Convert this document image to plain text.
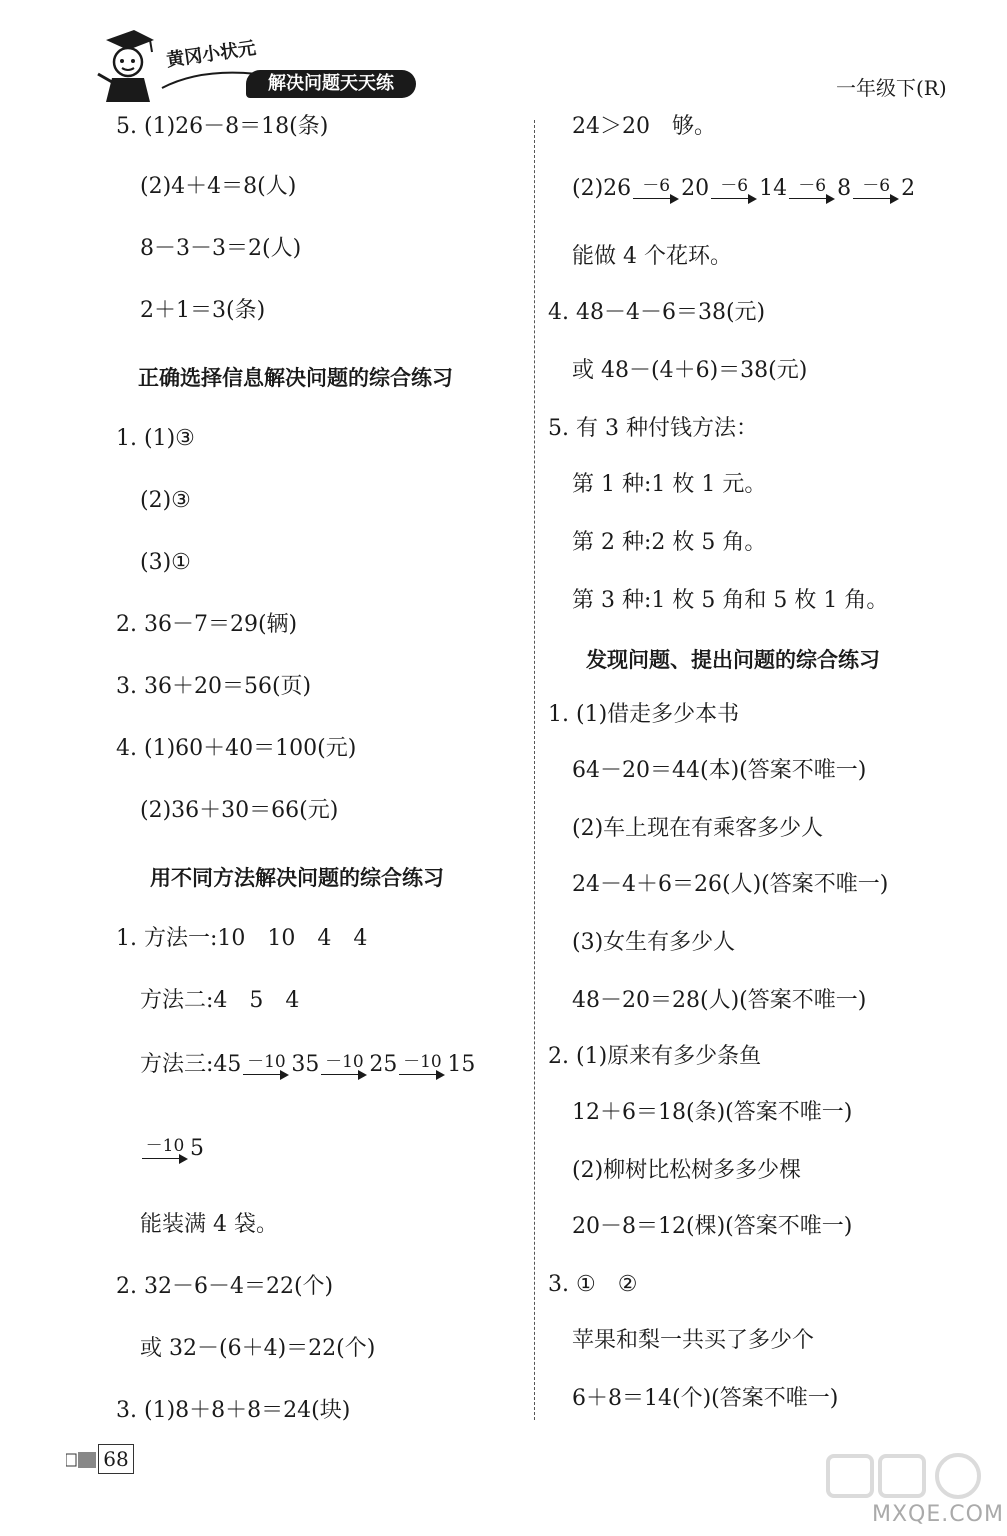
黄冈小状元
解决问题天天练	一年级下(R)
5. (1)26－8＝18(条)
(2)4＋4＝8(人)
8－3－3＝2(人)
2＋1＝3(条)
正确选择信息解决问题的综合练习
1. (1)③
(2)③
(3)①
2. 36－7＝29(辆)
3. 36＋20＝56(页)
4. (1)60＋40＝100(元)
(2)36＋30＝66(元)
用不同方法解决问题的综合练习
1. 方法一:10　10　4　4
方法二:4　5　4
方法三:45 －10 35 －10 25 －10 15
－10 5
能装满 4 袋。
2. 32－6－4＝22(个)
或 32－(6＋4)＝22(个)
3. (1)8＋8＋8＝24(块)
24＞20　够。
(2)26 －6 20 －6 14 －6 8 －6 2
能做 4 个花环。
4. 48－4－6＝38(元)
或 48－(4＋6)＝38(元)
5. 有 3 种付钱方法：
第 1 种:1 枚 1 元。
第 2 种:2 枚 5 角。
第 3 种:1 枚 5 角和 5 枚 1 角。
发现问题、提出问题的综合练习
1. (1)借走多少本书
64－20＝44(本)(答案不唯一)
(2)车上现在有乘客多少人
24－4＋6＝26(人)(答案不唯一)
(3)女生有多少人
48－20＝28(人)(答案不唯一)
2. (1)原来有多少条鱼
12＋6＝18(条)(答案不唯一)
(2)柳树比松树多多少棵
20－8＝12(棵)(答案不唯一)
3. ①　②
苹果和梨一共买了多少个
6＋8＝14(个)(答案不唯一)
68
MXQE.COM
